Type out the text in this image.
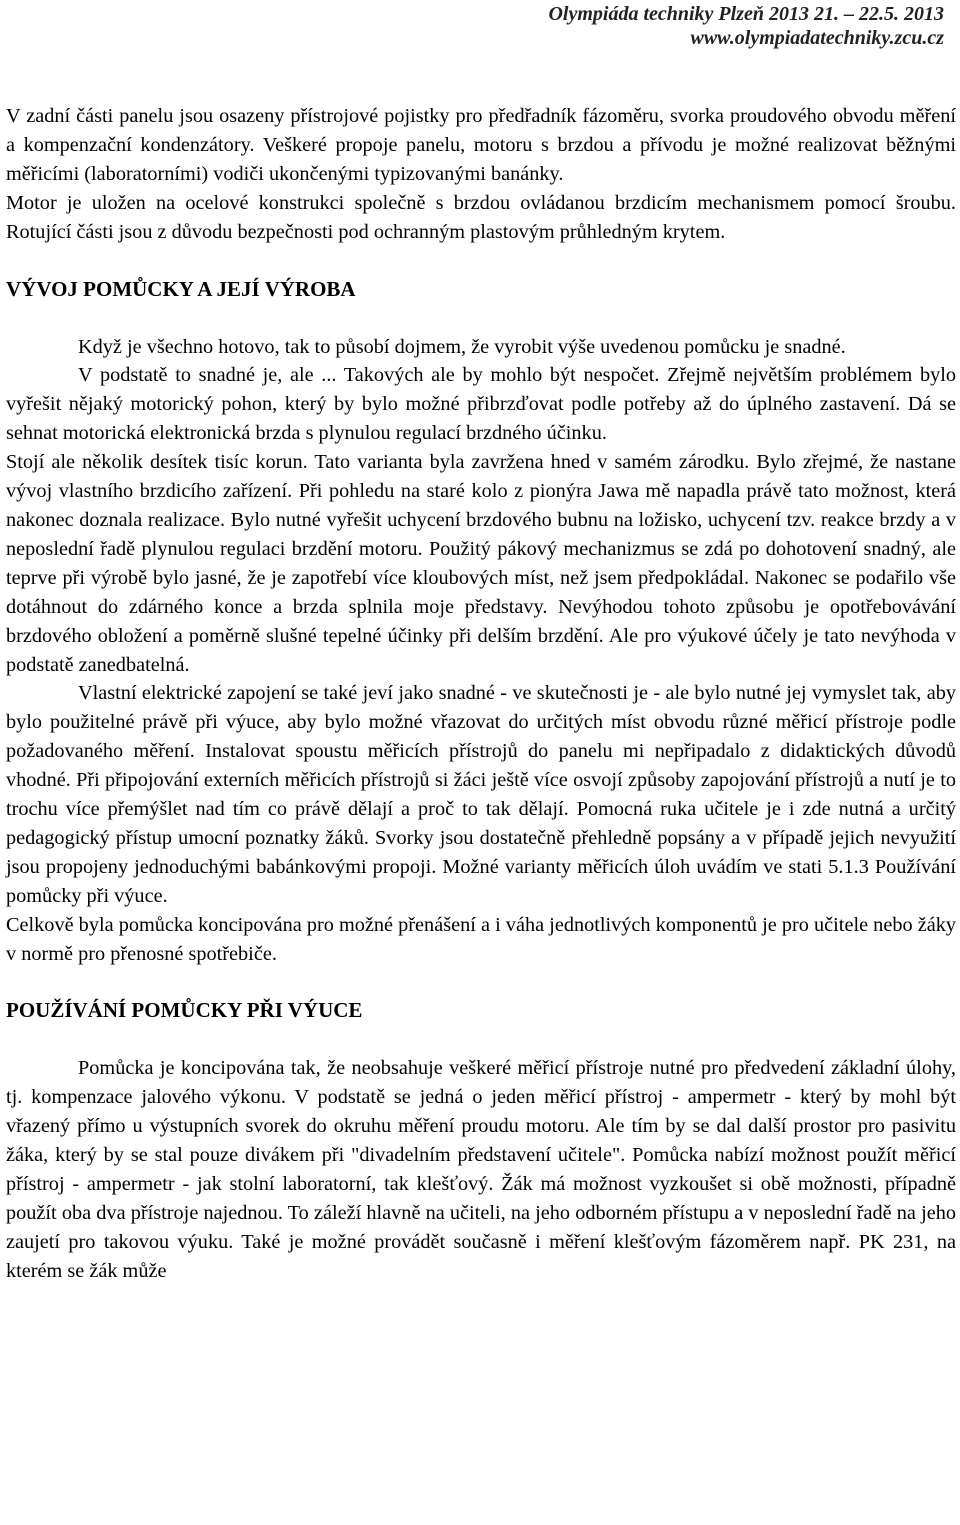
Olympiáda techniky Plzeň 2013 21. – 22.5. 2013
www.olympiadatechniky.zcu.cz

V zadní části panelu jsou osazeny přístrojové pojistky pro předřadník fázoměru, svorka proudového obvodu měření a kompenzační kondenzátory. Veškeré propoje panelu, motoru s brzdou a přívodu je možné realizovat běžnými měřicími (laboratorními) vodiči ukončenými typizovanými banánky.

Motor je uložen na ocelové konstrukci společně s brzdou ovládanou brzdicím mechanismem pomocí šroubu. Rotující části jsou z důvodu bezpečnosti pod ochranným plastovým průhledným krytem.

VÝVOJ POMŮCKY A JEJÍ VÝROBA

Když je všechno hotovo, tak to působí dojmem, že vyrobit výše uvedenou pomůcku je snadné.

V podstatě to snadné je, ale ... Takových ale by mohlo být nespočet. Zřejmě největším problémem bylo vyřešit nějaký motorický pohon, který by bylo možné přibrzďovat podle potřeby až do úplného zastavení. Dá se sehnat motorická elektronická brzda s plynulou regulací brzdného účinku.

Stojí ale několik desítek tisíc korun. Tato varianta byla zavržena hned v samém zárodku. Bylo zřejmé, že nastane vývoj vlastního brzdicího zařízení. Při pohledu na staré kolo z pionýra Jawa mě napadla právě tato možnost, která nakonec doznala realizace. Bylo nutné vyřešit uchycení brzdového bubnu na ložisko, uchycení tzv. reakce brzdy a v neposlední řadě plynulou regulaci brzdění motoru. Použitý pákový mechanizmus se zdá po dohotovení snadný, ale teprve při výrobě bylo jasné, že je zapotřebí více kloubových míst, než jsem předpokládal. Nakonec se podařilo vše dotáhnout do zdárného konce a brzda splnila moje představy. Nevýhodou tohoto způsobu je opotřebovávání brzdového obložení a poměrně slušné tepelné účinky při delším brzdění. Ale pro výukové účely je tato nevýhoda v podstatě zanedbatelná.

Vlastní elektrické zapojení se také jeví jako snadné - ve skutečnosti je - ale bylo nutné jej vymyslet tak, aby bylo použitelné právě při výuce, aby bylo možné vřazovat do určitých míst obvodu různé měřicí přístroje podle požadovaného měření. Instalovat spoustu měřicích přístrojů do panelu mi nepřipadalo z didaktických důvodů vhodné. Při připojování externích měřicích přístrojů si žáci ještě více osvojí způsoby zapojování přístrojů a nutí je to trochu více přemýšlet nad tím co právě dělají a proč to tak dělají. Pomocná ruka učitele je i zde nutná a určitý pedagogický přístup umocní poznatky žáků. Svorky jsou dostatečně přehledně popsány a v případě jejich nevyužití jsou propojeny jednoduchými babánkovými propoji. Možné varianty měřicích úloh uvádím ve stati 5.1.3 Používání pomůcky při výuce.

Celkově byla pomůcka koncipována pro možné přenášení a i váha jednotlivých komponentů je pro učitele nebo žáky v normě pro přenosné spotřebiče.

POUŽÍVÁNÍ POMŮCKY PŘI VÝUCE

Pomůcka je koncipována tak, že neobsahuje veškeré měřicí přístroje nutné pro předvedení základní úlohy, tj. kompenzace jalového výkonu. V podstatě se jedná o jeden měřicí přístroj - ampermetr - který by mohl být vřazený přímo u výstupních svorek do okruhu měření proudu motoru. Ale tím by se dal další prostor pro pasivitu žáka, který by se stal pouze divákem při "divadelním představení učitele". Pomůcka nabízí možnost použít měřicí přístroj - ampermetr - jak stolní laboratorní, tak klešťový. Žák má možnost vyzkoušet si obě možnosti, případně použít oba dva přístroje najednou. To záleží hlavně na učiteli, na jeho odborném přístupu a v neposlední řadě na jeho zaujetí pro takovou výuku. Také je možné provádět současně i měření klešťovým fázoměrem např. PK 231, na kterém se žák může
